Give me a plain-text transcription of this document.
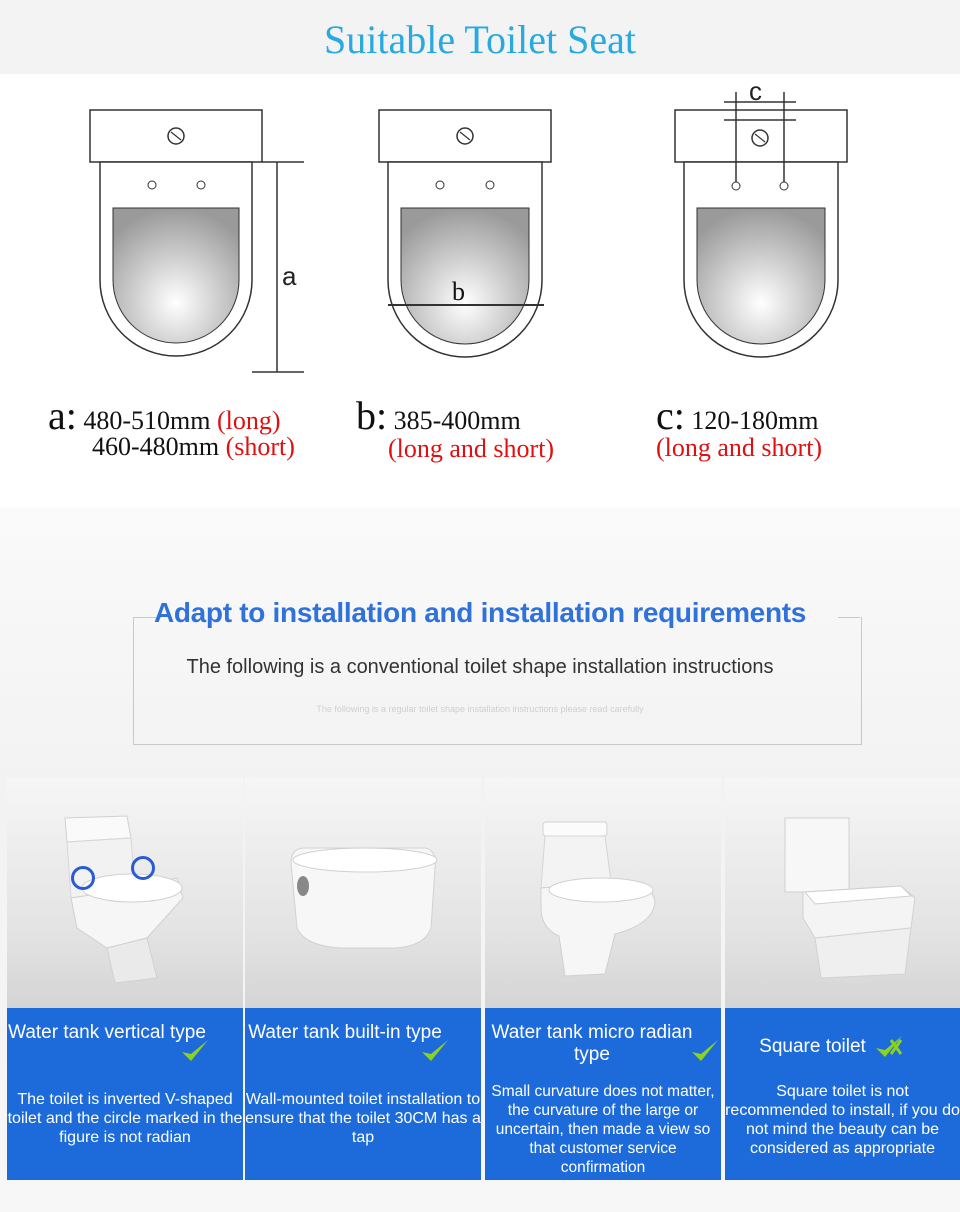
Suitable Toilet Seat
a
b
c
a: 480-510mm (long)
460-480mm (short)
b: 385-400mm
(long and short)
c: 120-180mm
(long and short)
Adapt to installation and installation requirements
The following is a conventional toilet shape installation instructions
The following is a regular toilet shape installation instructions please read carefully
Water tank vertical type
The toilet is inverted V-shaped toilet and the circle marked in the figure is not radian
Water tank built-in type
Wall-mounted toilet installation to ensure that the toilet 30CM has a tap
Water tank micro radian type
Small curvature does not matter, the curvature of the large or uncertain, then made a view so that customer service confirmation
Square toilet
Square toilet is not recommended to install, if you do not mind the beauty can be considered as appropriate
